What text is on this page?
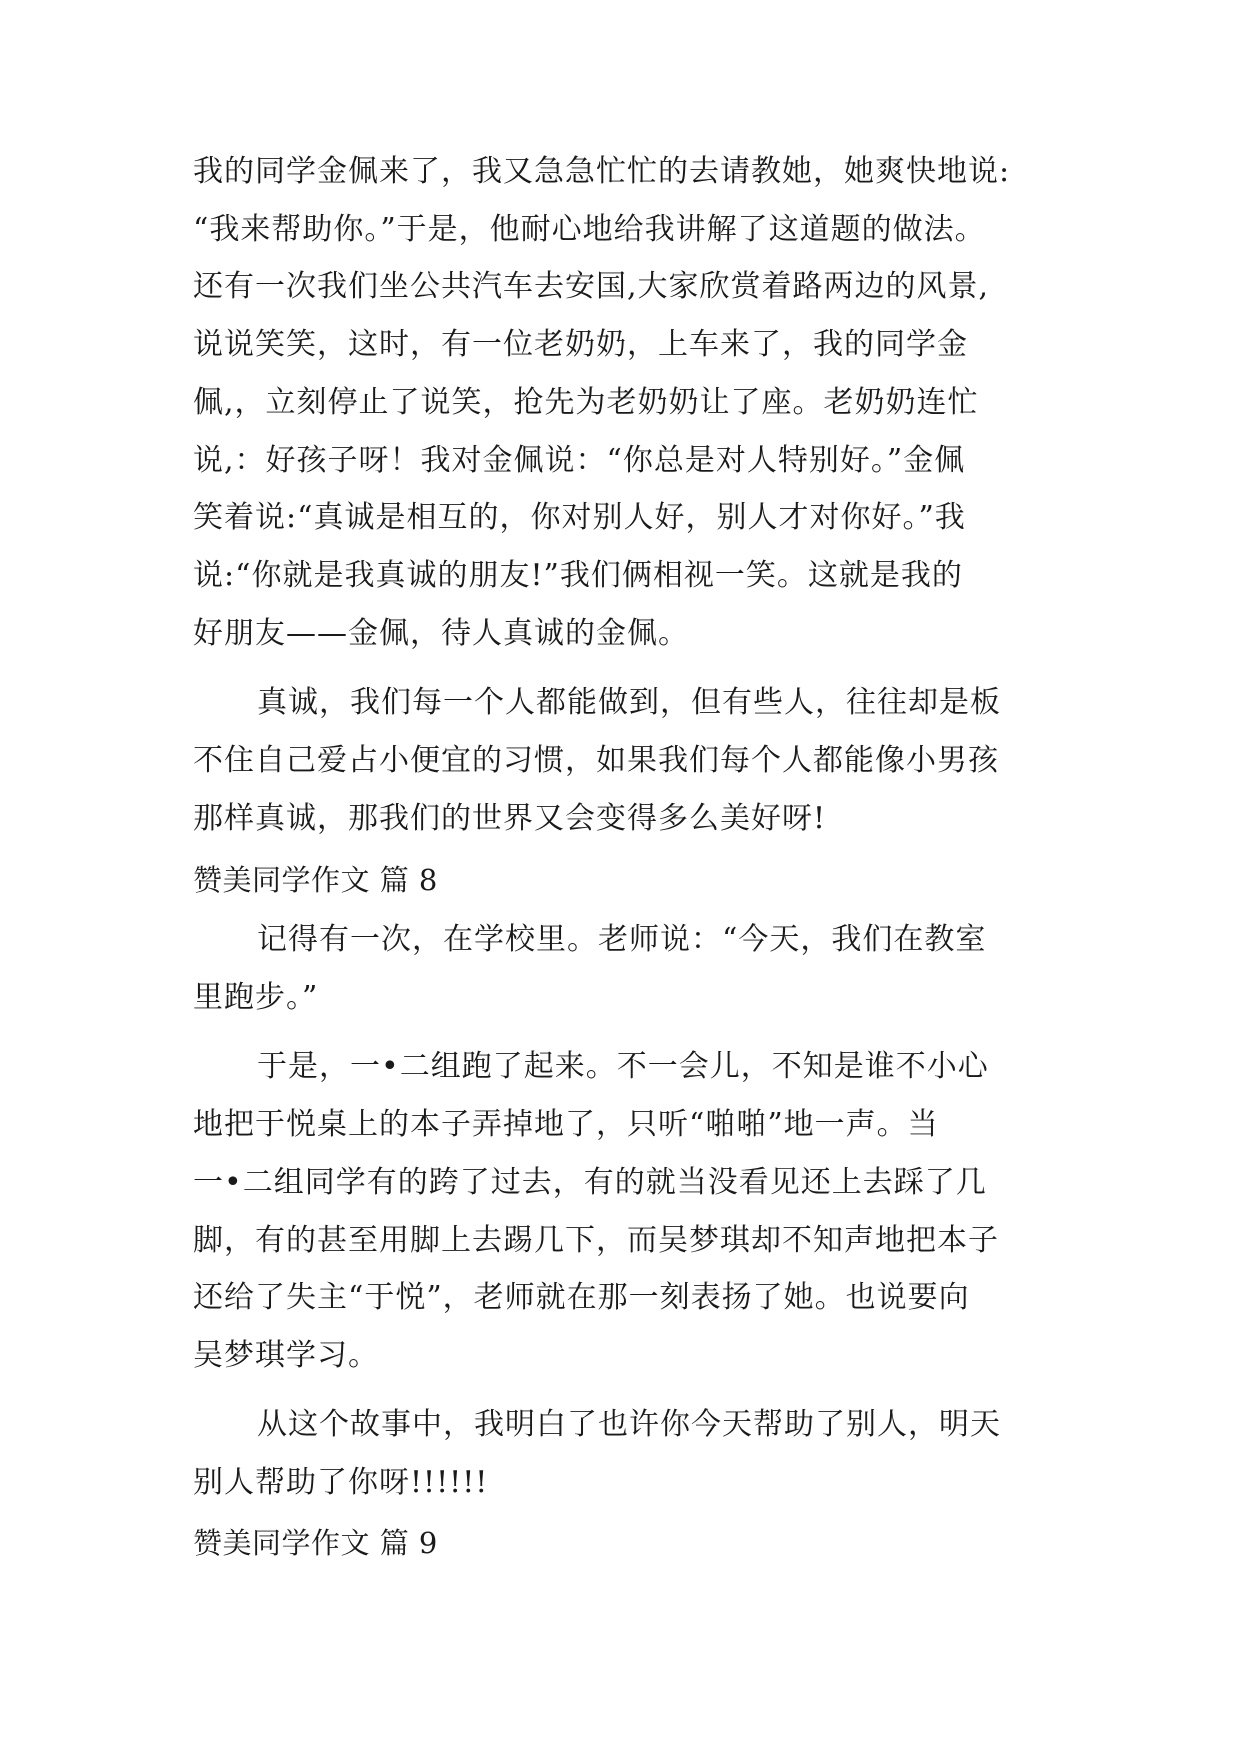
我的同学金佩来了，我又急急忙忙的去请教她，她爽快地说:

“我来帮助你。”于是，他耐心地给我讲解了这道题的做法。

还有一次我们坐公共汽车去安国,大家欣赏着路两边的风景,

说说笑笑，这时，有一位老奶奶，上车来了，我的同学金

佩,，立刻停止了说笑，抢先为老奶奶让了座。老奶奶连忙

说,：好孩子呀！我对金佩说：“你总是对人特别好。”金佩

笑着说:“真诚是相互的，你对别人好，别人才对你好。”我

说:“你就是我真诚的朋友!”我们俩相视一笑。这就是我的

好朋友——金佩，待人真诚的金佩。

真诚，我们每一个人都能做到，但有些人，往往却是板

不住自己爱占小便宜的习惯，如果我们每个人都能像小男孩

那样真诚，那我们的世界又会变得多么美好呀!

赞美同学作文 篇 8

记得有一次，在学校里。老师说：“今天，我们在教室

里跑步。”

于是，一•二组跑了起来。不一会儿，不知是谁不小心

地把于悦桌上的本子弄掉地了，只听“啪啪”地一声。当

一•二组同学有的跨了过去，有的就当没看见还上去踩了几

脚，有的甚至用脚上去踢几下，而吴梦琪却不知声地把本子

还给了失主“于悦”，老师就在那一刻表扬了她。也说要向

吴梦琪学习。

从这个故事中，我明白了也许你今天帮助了别人，明天

别人帮助了你呀!!!!!!

赞美同学作文 篇 9
